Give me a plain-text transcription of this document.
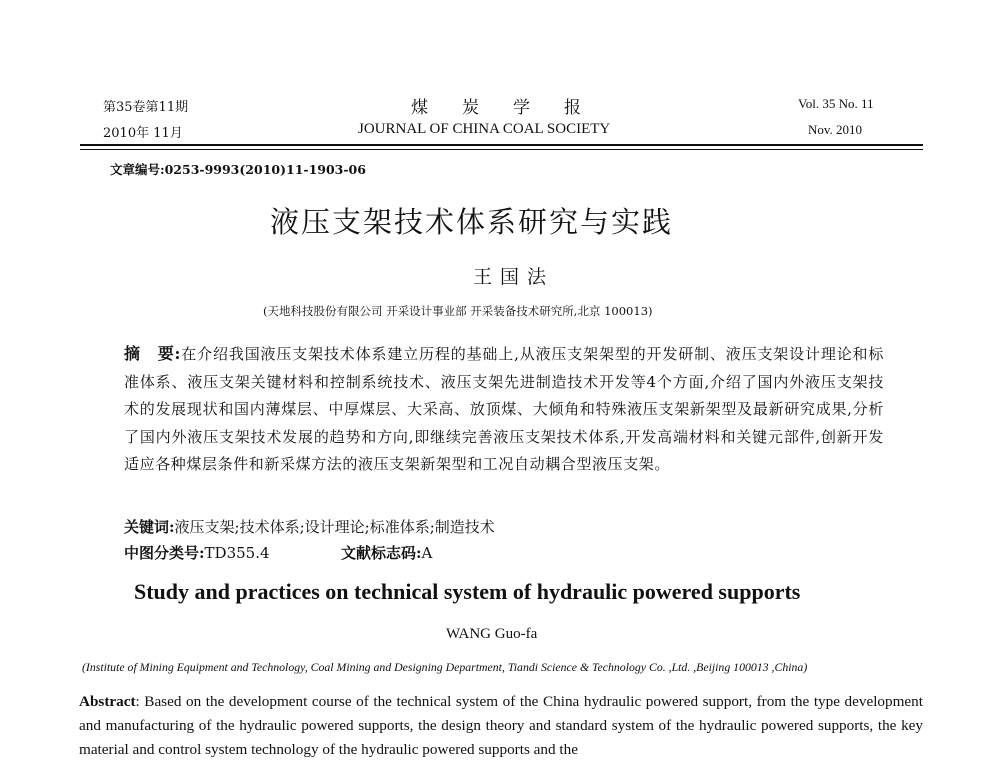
第35卷第11期
2010年 11月
煤　　炭　　学　　报
JOURNAL OF CHINA COAL SOCIETY
Vol. 35 No. 11
Nov. 2010
文章编号:0253-9993(2010)11-1903-06
液压支架技术体系研究与实践
王国法
(天地科技股份有限公司 开采设计事业部 开采装备技术研究所,北京 100013)
摘　要:在介绍我国液压支架技术体系建立历程的基础上,从液压支架架型的开发研制、液压支架设计理论和标准体系、液压支架关键材料和控制系统技术、液压支架先进制造技术开发等4个方面,介绍了国内外液压支架技术的发展现状和国内薄煤层、中厚煤层、大采高、放顶煤、大倾角和特殊液压支架新架型及最新研究成果,分析了国内外液压支架技术发展的趋势和方向,即继续完善液压支架技术体系,开发高端材料和关键元部件,创新开发适应各种煤层条件和新采煤方法的液压支架新架型和工况自动耦合型液压支架。
关键词:液压支架;技术体系;设计理论;标准体系;制造技术
中图分类号:TD355.4	文献标志码:A
Study and practices on technical system of hydraulic powered supports
WANG Guo-fa
(Institute of Mining Equipment and Technology, Coal Mining and Designing Department, Tiandi Science & Technology Co. ,Ltd. ,Beijing 100013 ,China)
Abstract: Based on the development course of the technical system of the China hydraulic powered support, from the type development and manufacturing of the hydraulic powered supports, the design theory and standard system of the hydraulic powered supports, the key material and control system technology of the hydraulic powered supports and the
